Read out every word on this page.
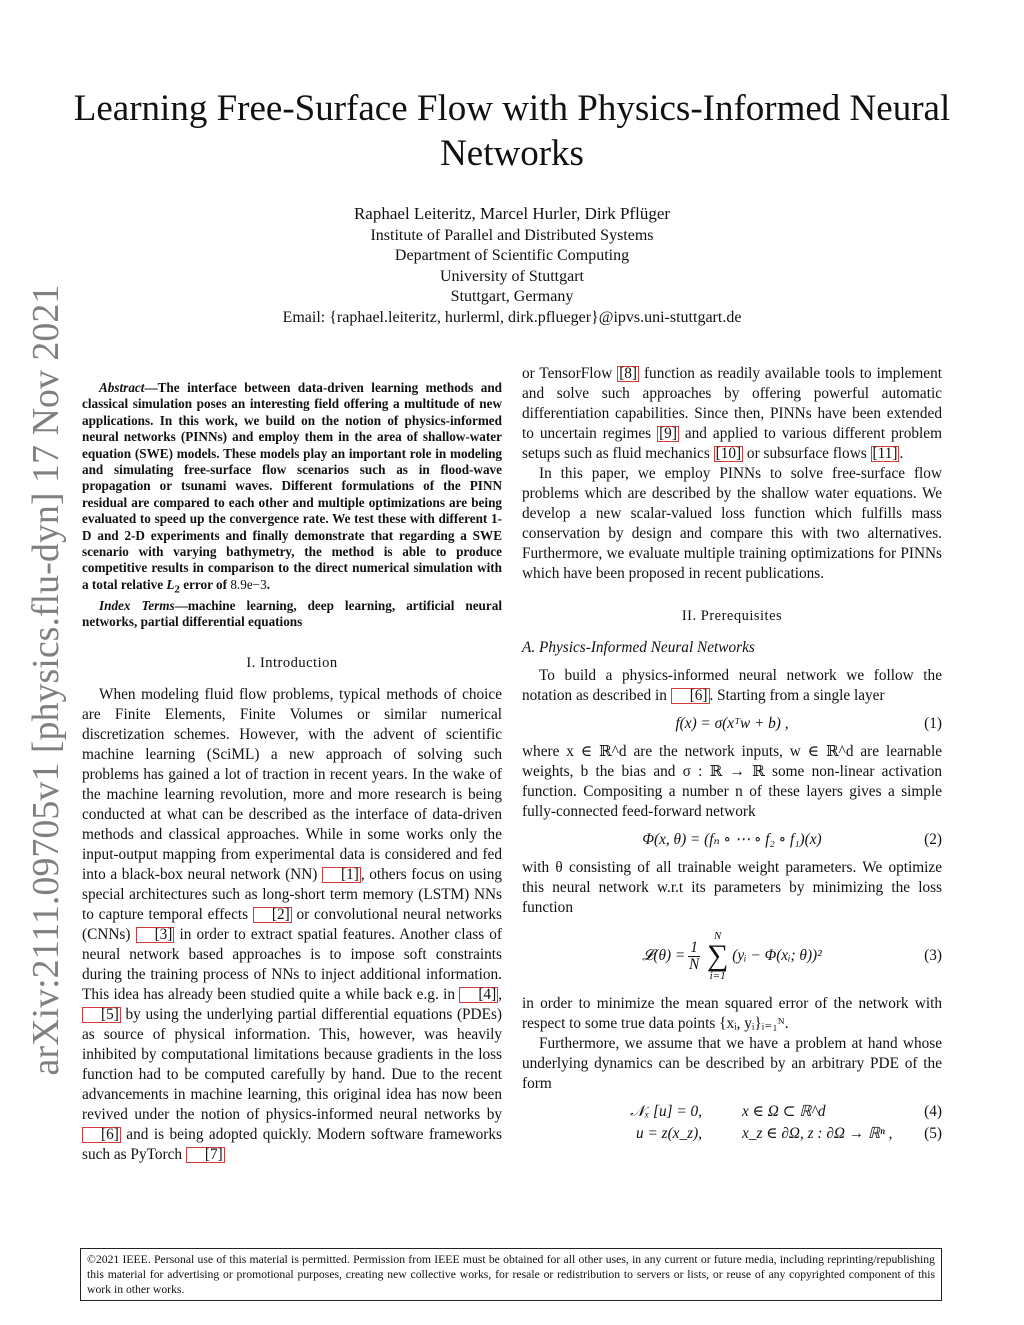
arXiv:2111.09705v1 [physics.flu-dyn] 17 Nov 2021
Learning Free-Surface Flow with Physics-Informed Neural Networks
Raphael Leiteritz, Marcel Hurler, Dirk Pflüger
Institute of Parallel and Distributed Systems
Department of Scientific Computing
University of Stuttgart
Stuttgart, Germany
Email: {raphael.leiteritz, hurlerml, dirk.pflueger}@ipvs.uni-stuttgart.de

Abstract—The interface between data-driven learning methods and classical simulation poses an interesting field offering a multitude of new applications. In this work, we build on the notion of physics-informed neural networks (PINNs) and employ them in the area of shallow-water equation (SWE) models. These models play an important role in modeling and simulating free-surface flow scenarios such as in flood-wave propagation or tsunami waves. Different formulations of the PINN residual are compared to each other and multiple optimizations are being evaluated to speed up the convergence rate. We test these with different 1-D and 2-D experiments and finally demonstrate that regarding a SWE scenario with varying bathymetry, the method is able to produce competitive results in comparison to the direct numerical simulation with a total relative $L_2$ error of 8.9e−3.

Index Terms—machine learning, deep learning, artificial neural networks, partial differential equations

I. Introduction

When modeling fluid flow problems, typical methods of choice are Finite Elements, Finite Volumes or similar numerical discretization schemes. However, with the advent of scientific machine learning (SciML) a new approach of solving such problems has gained a lot of traction in recent years. In the wake of the machine learning revolution, more and more research is being conducted at what can be described as the interface of data-driven methods and classical approaches. While in some works only the input-output mapping from experimental data is considered and fed into a black-box neural network (NN) [1] , others focus on using special architectures such as long-short term memory (LSTM) NNs to capture temporal effects [2] or convolutional neural networks (CNNs) [3] in order to extract spatial features. Another class of neural network based approaches is to impose soft constraints during the training process of NNs to inject additional information. This idea has already been studied quite a while back e.g. in [4] , [5] by using the underlying partial differential equations (PDEs) as source of physical information. This, however, was heavily inhibited by computational limitations because gradients in the loss function had to be computed carefully by hand. Due to the recent advancements in machine learning, this original idea has now been revived under the notion of physics-informed neural networks by [6] and is being adopted quickly. Modern software frameworks such as PyTorch [7]

or TensorFlow [8] function as readily available tools to implement and solve such approaches by offering powerful automatic differentiation capabilities. Since then, PINNs have been extended to uncertain regimes [9] and applied to various different problem setups such as fluid mechanics [10] or subsurface flows [11] .

In this paper, we employ PINNs to solve free-surface flow problems which are described by the shallow water equations. We develop a new scalar-valued loss function which fulfills mass conservation by design and compare this with two alternatives. Furthermore, we evaluate multiple training optimizations for PINNs which have been proposed in recent publications.

II. Prerequisites
A. Physics-Informed Neural Networks

To build a physics-informed neural network we follow the notation as described in [6] . Starting from a single layer

f(x) = σ(xᵀw + b) ,	(1)

where x ∈ ℝ^d are the network inputs, w ∈ ℝ^d are learnable weights, b the bias and σ : ℝ → ℝ some non-linear activation function. Compositing a number n of these layers gives a simple fully-connected feed-forward network

Φ(x, θ) = (fₙ ∘ ⋯ ∘ f₂ ∘ f₁)(x)	(2)

with θ consisting of all trainable weight parameters. We optimize this neural network w.r.t its parameters by minimizing the loss function

𝓛(θ) = $\frac{1}{N}$
N
∑
i=1
(yᵢ − Φ(xᵢ; θ))²	(3)

in order to minimize the mean squared error of the network with respect to some true data points {xᵢ, yᵢ}ᵢ₌₁ᴺ.

Furthermore, we assume that we have a problem at hand whose underlying dynamics can be described by an arbitrary PDE of the form

𝒩ₓ [u] = 0,	x ∈ Ω ⊂ ℝ^d	(4)
u = z(x_z),	x_z ∈ ∂Ω, z : ∂Ω → ℝⁿ ,	(5)
©2021 IEEE. Personal use of this material is permitted. Permission from IEEE must be obtained for all other uses, in any current or future media, including reprinting/republishing this material for advertising or promotional purposes, creating new collective works, for resale or redistribution to servers or lists, or reuse of any copyrighted component of this work in other works.
